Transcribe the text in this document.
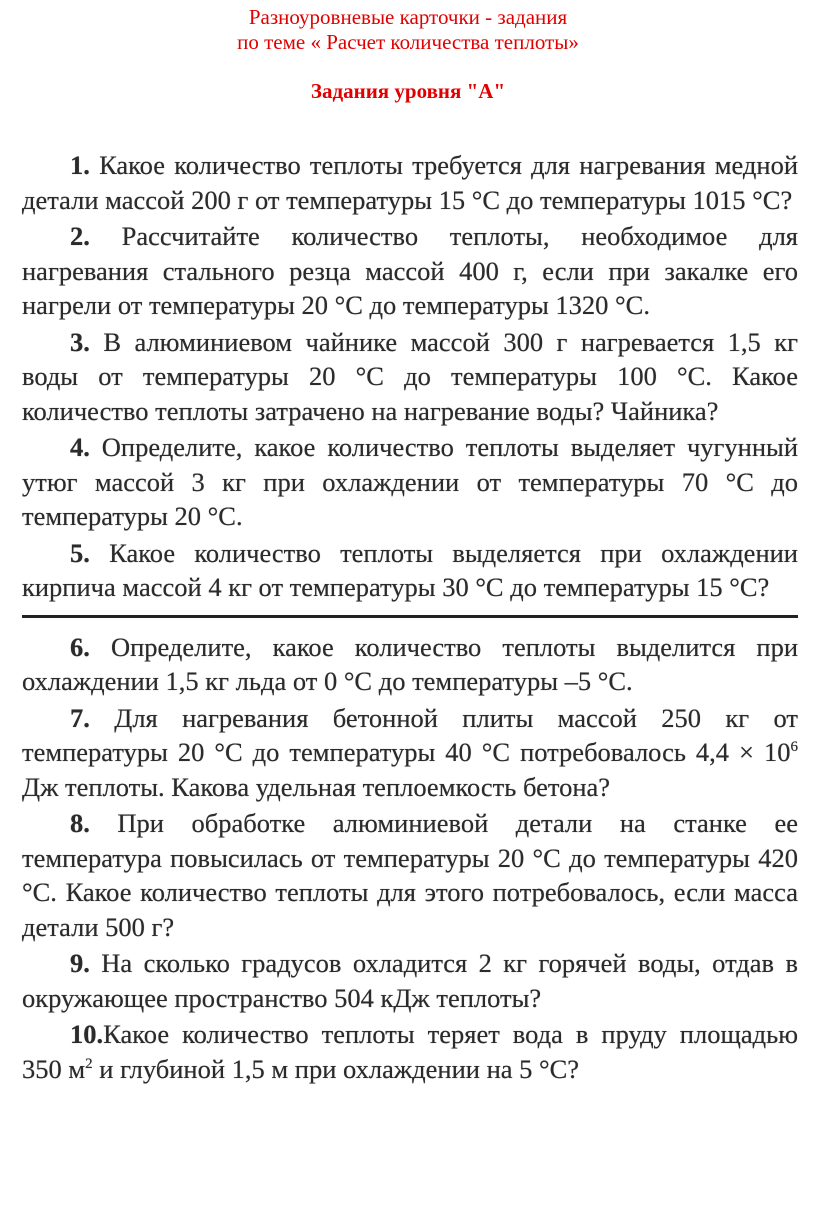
Разноуровневые карточки - задания
по теме « Расчет количества теплоты»
Задания уровня "А"

1. Какое количество теплоты требуется для нагревания медной детали массой 200 г от температуры 15 °C до температуры 1015 °C?

2. Рассчитайте количество теплоты, необходимое для нагревания стального резца массой 400 г, если при закалке его нагрели от температуры 20 °C до температуры 1320 °C.

3. В алюминиевом чайнике массой 300 г нагревается 1,5 кг воды от температуры 20 °C до температуры 100 °C. Какое количество теплоты затрачено на нагревание воды? Чайника?

4. Определите, какое количество теплоты выделяет чугунный утюг массой 3 кг при охлаждении от температуры 70 °C до температуры 20 °C.

5. Какое количество теплоты выделяется при охлаждении кирпича массой 4 кг от температуры 30 °C до температуры 15 °C?

6. Определите, какое количество теплоты выделится при охлаждении 1,5 кг льда от 0 °C до температуры –5 °C.

7. Для нагревания бетонной плиты массой 250 кг от температуры 20 °C до температуры 40 °C потребовалось $4,4 \times 10^6$ Дж теплоты. Какова удельная теплоемкость бетона?

8. При обработке алюминиевой детали на станке ее температура повысилась от температуры 20 °C до температуры 420 °C. Какое количество теплоты для этого потребовалось, если масса детали 500 г?

9. На сколько градусов охладится 2 кг горячей воды, отдав в окружающее пространство 504 кДж теплоты?

10.Какое количество теплоты теряет вода в пруду площадью 350 $м^2$ и глубиной 1,5 м при охлаждении на 5 °C?
